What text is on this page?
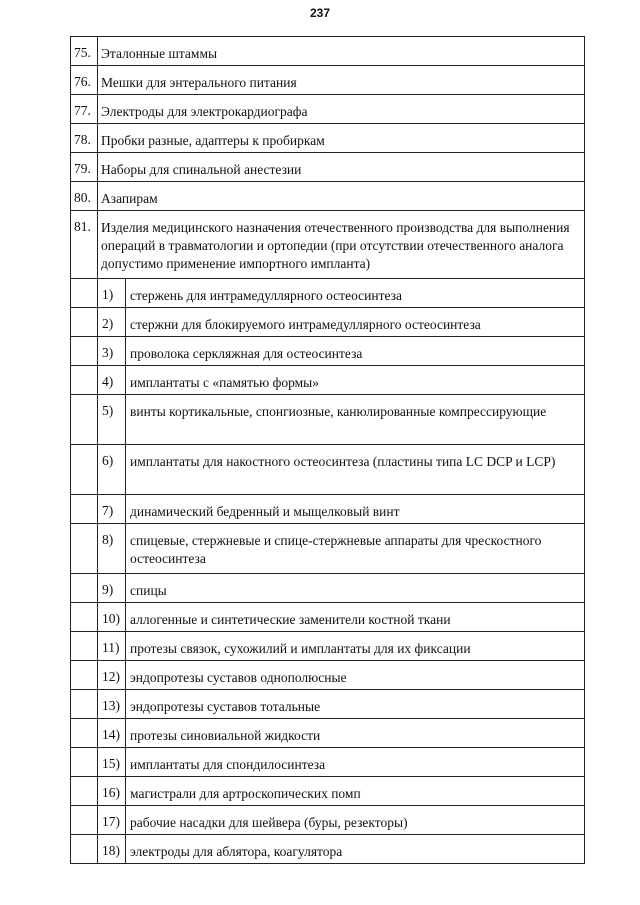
237
75.	Эталонные штаммы	
76.	Мешки для энтерального питания	
77.	Электроды для электрокардиографа	
78.	Пробки разные, адаптеры к пробиркам	
79.	Наборы для спинальной анестезии	
80.	Азапирам	
81.	Изделия медицинского назначения отечественного производства для выполнения операций в травматологии и ортопедии (при отсутствии отечественного аналога допустимо применение импортного импланта)	
	1)	стержень для интрамедуллярного остеосинтеза
	2)	стержни для блокируемого интрамедуллярного остеосинтеза
	3)	проволока серкляжная для остеосинтеза
	4)	имплантаты с «памятью формы»
	5)	винты кортикальные, спонгиозные, канюлированные компрессирующие
	6)	имплантаты для накостного остеосинтеза (пластины типа LC DCP и LCP)
	7)	динамический бедренный и мыщелковый винт
	8)	спицевые, стержневые и спице-стержневые аппараты для чрескостного остеосинтеза
	9)	спицы
	10)	аллогенные и синтетические заменители костной ткани
	11)	протезы связок, сухожилий и имплантаты для их фиксации
	12)	эндопротезы суставов однополюсные
	13)	эндопротезы суставов тотальные
	14)	протезы синовиальной жидкости
	15)	имплантаты для спондилосинтеза
	16)	магистрали для артроскопических помп
	17)	рабочие насадки для шейвера (буры, резекторы)
	18)	электроды для аблятора, коагулятора
